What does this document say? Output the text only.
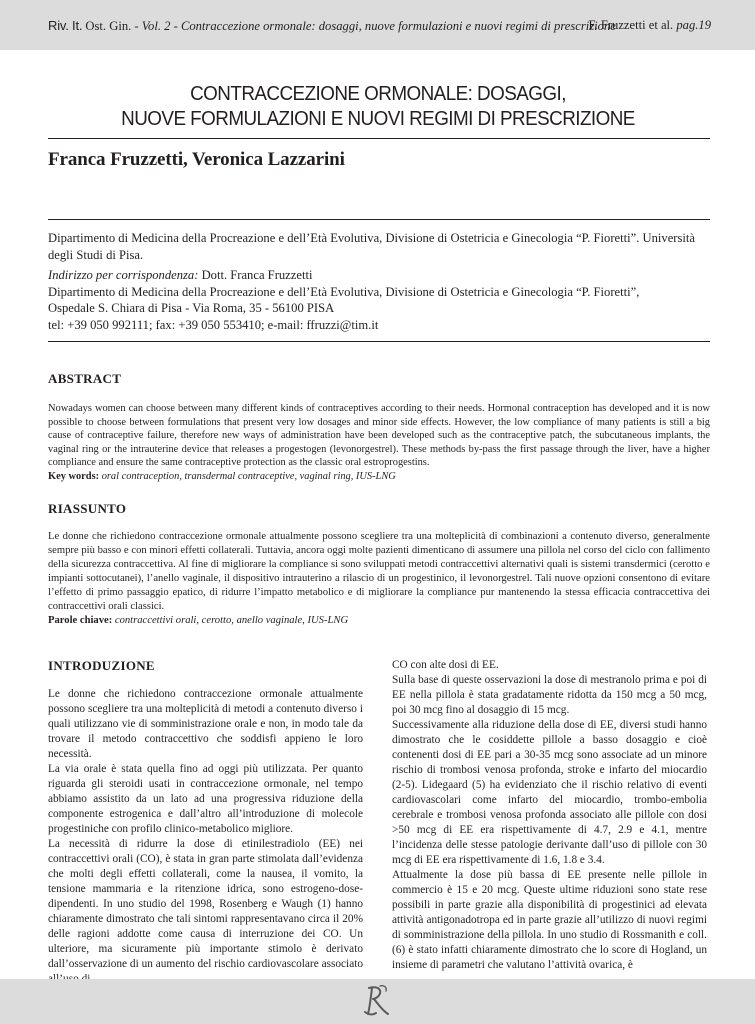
Riv. It. Ost. Gin. - Vol. 2 - Contraccezione ormonale: dosaggi, nuove formulazioni e nuovi regimi di prescrizione
F. Fruzzetti et al. pag.19
CONTRACCEZIONE ORMONALE: DOSAGGI,
NUOVE FORMULAZIONI E NUOVI REGIMI DI PRESCRIZIONE
Franca Fruzzetti, Veronica Lazzarini

Dipartimento di Medicina della Procreazione e dell’Età Evolutiva, Divisione di Ostetricia e Ginecologia “P. Fioretti”. Università degli Studi di Pisa.

Indirizzo per corrispondenza: Dott. Franca Fruzzetti

Dipartimento di Medicina della Procreazione e dell’Età Evolutiva, Divisione di Ostetricia e Ginecologia “P. Fioretti”,

Ospedale S. Chiara di Pisa - Via Roma, 35 - 56100 PISA

tel: +39 050 992111; fax: +39 050 553410; e-mail: ffruzzi@tim.it

ABSTRACT

Nowadays women can choose between many different kinds of contraceptives according to their needs. Hormonal contraception has developed and it is now possible to choose between formulations that present very low dosages and minor side effects. However, the low compliance of many patients is still a big cause of contraceptive failure, therefore new ways of administration have been developed such as the contraceptive patch, the subcutaneous implants, the vaginal ring or the intrauterine device that releases a progestogen (levonorgestrel). These methods by-pass the first passage through the liver, have a higher compliance and ensure the same contraceptive protection as the classic oral estroprogestins.

Key words: oral contraception, transdermal contraceptive, vaginal ring, IUS-LNG

RIASSUNTO

Le donne che richiedono contraccezione ormonale attualmente possono scegliere tra una molteplicità di combinazioni a contenuto diverso, generalmente sempre più basso e con minori effetti collaterali. Tuttavia, ancora oggi molte pazienti dimenticano di assumere una pillola nel corso del ciclo con fallimento della sicurezza contraccettiva. Al fine di migliorare la compliance si sono sviluppati metodi contraccettivi alternativi quali is sistemi transdermici (cerotto e impianti sottocutanei), l’anello vaginale, il dispositivo intrauterino a rilascio di un progestinico, il levonorgestrel. Tali nuove opzioni consentono di evitare l’effetto di primo passaggio epatico, di ridurre l’impatto metabolico e di migliorare la compliance pur mantenendo la stessa efficacia contraccettiva dei contraccettivi orali classici.

Parole chiave: contraccettivi orali, cerotto, anello vaginale, IUS-LNG

INTRODUZIONE

Le donne che richiedono contraccezione ormonale attualmente possono scegliere tra una molteplicità di metodi a contenuto diverso i quali utilizzano vie di somministrazione orale e non, in modo tale da trovare il metodo contraccettivo che soddisfi appieno le loro necessità.

La via orale è stata quella fino ad oggi più utilizzata. Per quanto riguarda gli steroidi usati in contraccezione ormonale, nel tempo abbiamo assistito da un lato ad una progressiva riduzione della componente estrogenica e dall’altro all’introduzione di molecole progestiniche con profilo clinico-metabolico migliore.

La necessità di ridurre la dose di etinilestradiolo (EE) nei contraccettivi orali (CO), è stata in gran parte stimolata dall’evidenza che molti degli effetti collaterali, come la nausea, il vomito, la tensione mammaria e la ritenzione idrica, sono estrogeno-dose-dipendenti. In uno studio del 1998, Rosenberg e Waugh (1) hanno chiaramente dimostrato che tali sintomi rappresentavano circa il 20% delle ragioni addotte come causa di interruzione dei CO. Un ulteriore, ma sicuramente più importante stimolo è derivato dall’osservazione di un aumento del rischio cardiovascolare associato

CO con alte dosi di EE.

Sulla base di queste osservazioni la dose di mestranolo prima e poi di EE nella pillola è stata gradatamente ridotta da 150 mcg a 50 mcg, poi 30 mcg fino al dosaggio di 15 mcg.

Successivamente alla riduzione della dose di EE, diversi studi hanno dimostrato che le cosiddette pillole a basso dosaggio e cioè contenenti dosi di EE pari a 30-35 mcg sono associate ad un minore rischio di trombosi venosa profonda, stroke e infarto del miocardio (2-5). Lidegaard (5) ha evidenziato che il rischio relativo di eventi cardiovascolari come infarto del miocardio, trombo-embolia cerebrale e trombosi venosa profonda associato alle pillole con dosi >50 mcg di EE era rispettivamente di 4.7, 2.9 e 4.1, mentre l’incidenza delle stesse patologie derivante dall’uso di pillole con 30 mcg di EE era rispettivamente di 1.6, 1.8 e 3.4.

Attualmente la dose più bassa di EE presente nelle pillole in commercio è 15 e 20 mcg. Queste ultime riduzioni sono state rese possibili in parte grazie alla disponibilità di progestinici ad elevata attività antigonadotropa ed in parte grazie all’utilizzo di nuovi regimi di somministrazione della pillola. In uno studio di Rossmanith e coll. (6) è stato infatti chiaramente dimostrato che lo score di Hogland, un insieme di parametri che valutano l’attività ovarica, è
